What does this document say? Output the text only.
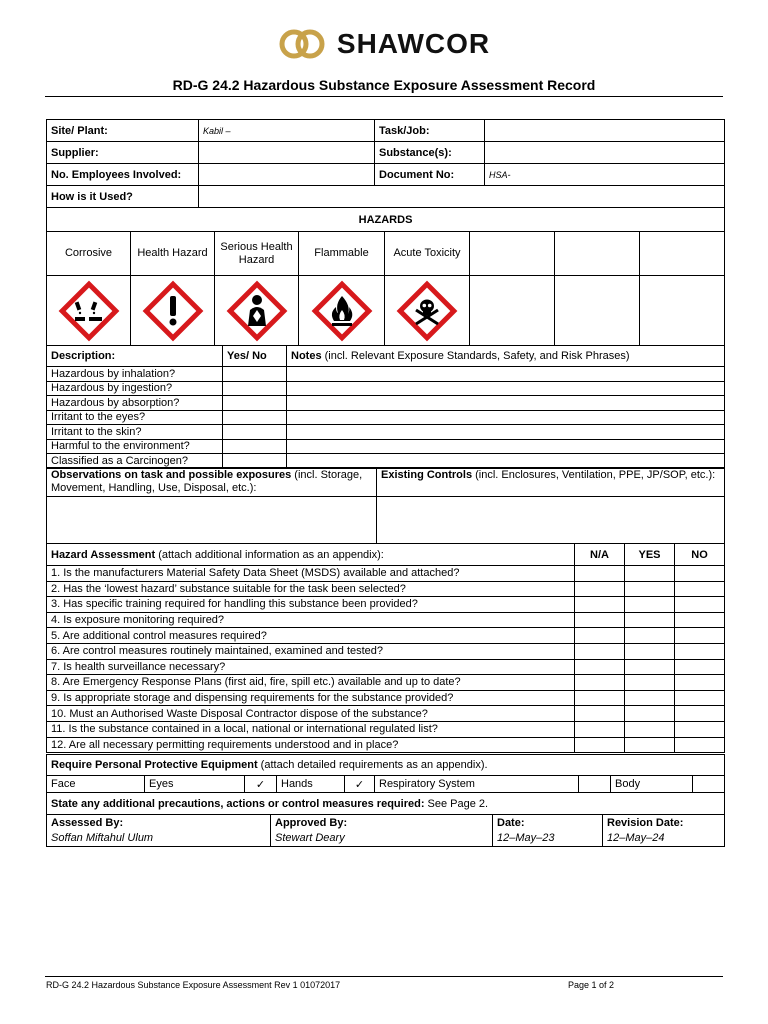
SHAWCOR
RD-G 24.2 Hazardous Substance Exposure Assessment Record
Site/ Plant:	Kabil –	Task/Job:	
Supplier:		Substance(s):	
No. Employees Involved:		Document No:	HSA-
How is it Used?			
HAZARDS							
Corrosive	Health Hazard	Serious Health Hazard	Flammable	Acute Toxicity			

Description:	Yes/ No	Notes (incl. Relevant Exposure Standards, Safety, and Risk Phrases)
Hazardous by inhalation?		
Hazardous by ingestion?		
Hazardous by absorption?		
Irritant to the eyes?		
Irritant to the skin?		
Harmful to the environment?		
Classified as a Carcinogen?		
Observations on task and possible exposures (incl. Storage, Movement, Handling, Use, Disposal, etc.):	Existing Controls (incl. Enclosures, Ventilation, PPE, JP/SOP, etc.):

Hazard Assessment (attach additional information as an appendix):	N/A	YES	NO
1. Is the manufacturers Material Safety Data Sheet (MSDS) available and attached?			
2. Has the ‘lowest hazard’ substance suitable for the task been selected?			
3. Has specific training required for handling this substance been provided?			
4. Is exposure monitoring required?			
5. Are additional control measures required?			
6. Are control measures routinely maintained, examined and tested?			
7. Is health surveillance necessary?			
8. Are Emergency Response Plans (first aid, fire, spill etc.) available and up to date?			
9. Is appropriate storage and dispensing requirements for the substance provided?			
10. Must an Authorised Waste Disposal Contractor dispose of the substance?			
11. Is the substance contained in a local, national or international regulated list?			
12. Are all necessary permitting requirements understood and in place?			
Require Personal Protective Equipment (attach detailed requirements as an appendix).
Face	Eyes	✓	Hands	✓	Respiratory System		Body	
State any additional precautions, actions or control measures required: See Page 2.
Assessed By:
Soffan Miftahul Ulum

Approved By:
Stewart Deary

Date:
12–May–23

Revision Date:
12–May–24
RD-G 24.2 Hazardous Substance Exposure Assessment Rev 1 01072017	Page 1 of 2
